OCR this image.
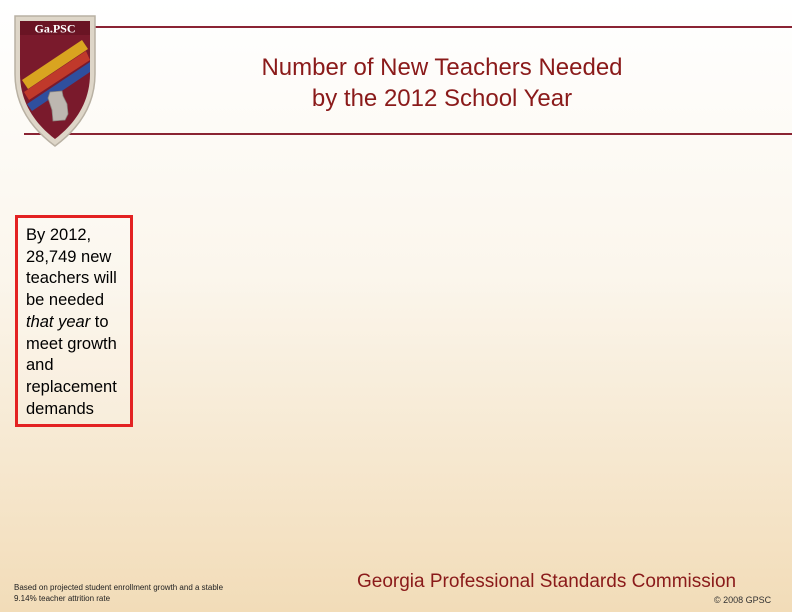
Ga.PSC
Number of New Teachers Needed
by the 2012 School Year
By 2012, 28,749 new teachers will be needed that year to meet growth and replacement demands
Based on projected student enrollment growth and a stable 9.14% teacher attrition rate
Georgia Professional Standards Commission
© 2008 GPSC
